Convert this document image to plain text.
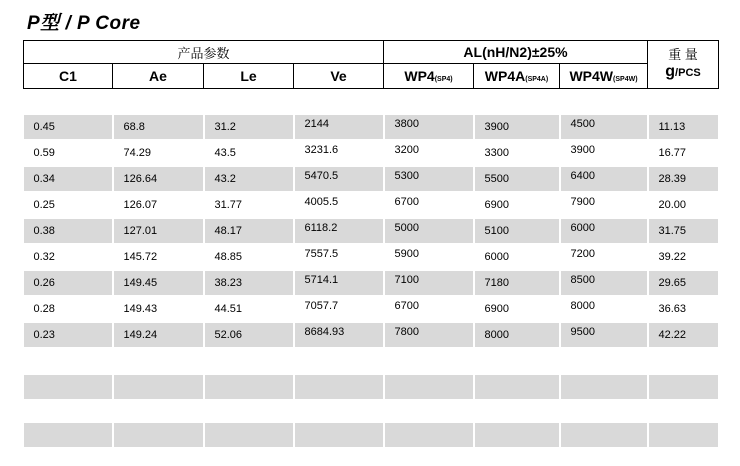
P型 / P Core
产品参数				AL(nH/N2)±25%			重 量
g/PCS

C1	Ae	Le	Ve	WP4(SP4)	WP4A(SP4A)	WP4W(SP4W)	

0.45	68.8	31.2	2144	3800	3900	4500	11.13
0.59	74.29	43.5	3231.6	3200	3300	3900	16.77
0.34	126.64	43.2	5470.5	5300	5500	6400	28.39
0.25	126.07	31.77	4005.5	6700	6900	7900	20.00
0.38	127.01	48.17	6118.2	5000	5100	6000	31.75
0.32	145.72	48.85	7557.5	5900	6000	7200	39.22
0.26	149.45	38.23	5714.1	7100	7180	8500	29.65
0.28	149.43	44.51	7057.7	6700	6900	8000	36.63
0.23	149.24	52.06	8684.93	7800	8000	9500	42.22
